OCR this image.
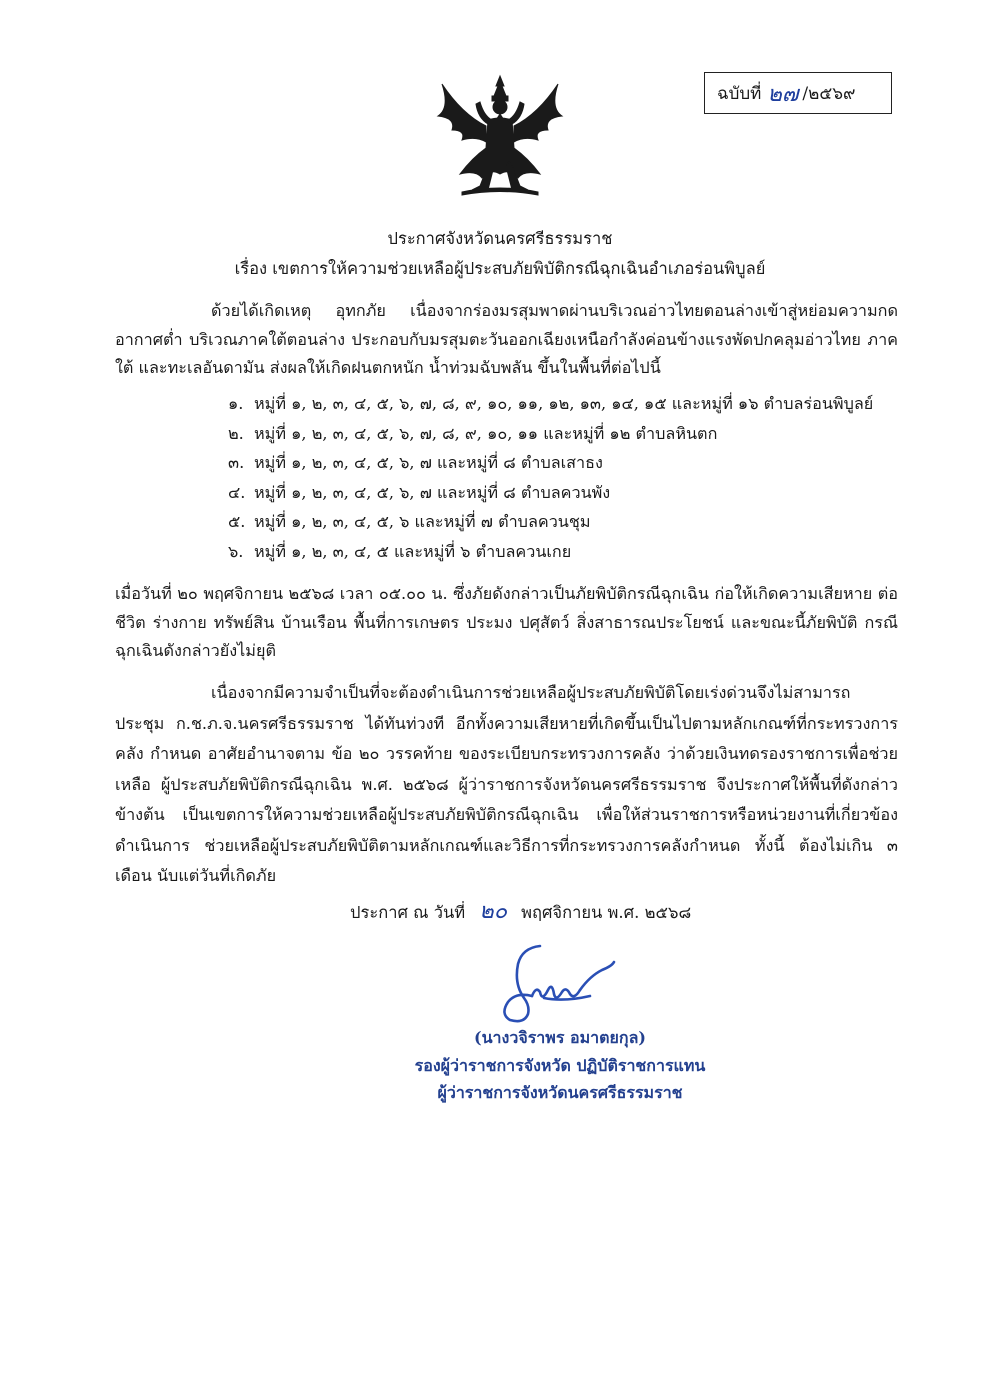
ฉบับที่ ๒๗ /๒๕๖๙
ประกาศจังหวัดนครศรีธรรมราช
เรื่อง เขตการให้ความช่วยเหลือผู้ประสบภัยพิบัติกรณีฉุกเฉินอำเภอร่อนพิบูลย์
ด้วยได้เกิดเหตุ อุทกภัย เนื่องจากร่องมรสุมพาดผ่านบริเวณอ่าวไทยตอนล่างเข้าสู่หย่อมความกดอากาศต่ำ บริเวณภาคใต้ตอนล่าง ประกอบกับมรสุมตะวันออกเฉียงเหนือกำลังค่อนข้างแรงพัดปกคลุมอ่าวไทย ภาคใต้ และทะเลอันดามัน ส่งผลให้เกิดฝนตกหนัก น้ำท่วมฉับพลัน ขึ้นในพื้นที่ต่อไปนี้
๑. หมู่ที่ ๑, ๒, ๓, ๔, ๕, ๖, ๗, ๘, ๙, ๑๐, ๑๑, ๑๒, ๑๓, ๑๔, ๑๕ และหมู่ที่ ๑๖ ตำบลร่อนพิบูลย์
๒. หมู่ที่ ๑, ๒, ๓, ๔, ๕, ๖, ๗, ๘, ๙, ๑๐, ๑๑ และหมู่ที่ ๑๒ ตำบลหินตก
๓. หมู่ที่ ๑, ๒, ๓, ๔, ๕, ๖, ๗ และหมู่ที่ ๘ ตำบลเสาธง
๔. หมู่ที่ ๑, ๒, ๓, ๔, ๕, ๖, ๗ และหมู่ที่ ๘ ตำบลควนพัง
๕. หมู่ที่ ๑, ๒, ๓, ๔, ๕, ๖ และหมู่ที่ ๗ ตำบลควนชุม
๖. หมู่ที่ ๑, ๒, ๓, ๔, ๕ และหมู่ที่ ๖ ตำบลควนเกย
เมื่อวันที่ ๒๐ พฤศจิกายน ๒๕๖๘ เวลา ๐๕.๐๐ น. ซึ่งภัยดังกล่าวเป็นภัยพิบัติกรณีฉุกเฉิน ก่อให้เกิดความเสียหาย ต่อชีวิต ร่างกาย ทรัพย์สิน บ้านเรือน พื้นที่การเกษตร ประมง ปศุสัตว์ สิ่งสาธารณประโยชน์ และขณะนี้ภัยพิบัติ กรณีฉุกเฉินดังกล่าวยังไม่ยุติ
เนื่องจากมีความจำเป็นที่จะต้องดำเนินการช่วยเหลือผู้ประสบภัยพิบัติโดยเร่งด่วนจึงไม่สามารถ ประชุม ก.ช.ภ.จ.นครศรีธรรมราช ได้ทันท่วงที อีกทั้งความเสียหายที่เกิดขึ้นเป็นไปตามหลักเกณฑ์ที่กระทรวงการคลัง กำหนด อาศัยอำนาจตาม ข้อ ๒๐ วรรคท้าย ของระเบียบกระทรวงการคลัง ว่าด้วยเงินทดรองราชการเพื่อช่วยเหลือ ผู้ประสบภัยพิบัติกรณีฉุกเฉิน พ.ศ. ๒๕๖๘ ผู้ว่าราชการจังหวัดนครศรีธรรมราช จึงประกาศให้พื้นที่ดังกล่าวข้างต้น เป็นเขตการให้ความช่วยเหลือผู้ประสบภัยพิบัติกรณีฉุกเฉิน เพื่อให้ส่วนราชการหรือหน่วยงานที่เกี่ยวข้องดำเนินการ ช่วยเหลือผู้ประสบภัยพิบัติตามหลักเกณฑ์และวิธีการที่กระทรวงการคลังกำหนด ทั้งนี้ ต้องไม่เกิน ๓ เดือน นับแต่วันที่เกิดภัย
ประกาศ ณ วันที่ ๒๐ พฤศจิกายน พ.ศ. ๒๕๖๘
(นางวจิราพร อมาตยกุล)
รองผู้ว่าราชการจังหวัด ปฏิบัติราชการแทน
ผู้ว่าราชการจังหวัดนครศรีธรรมราช
